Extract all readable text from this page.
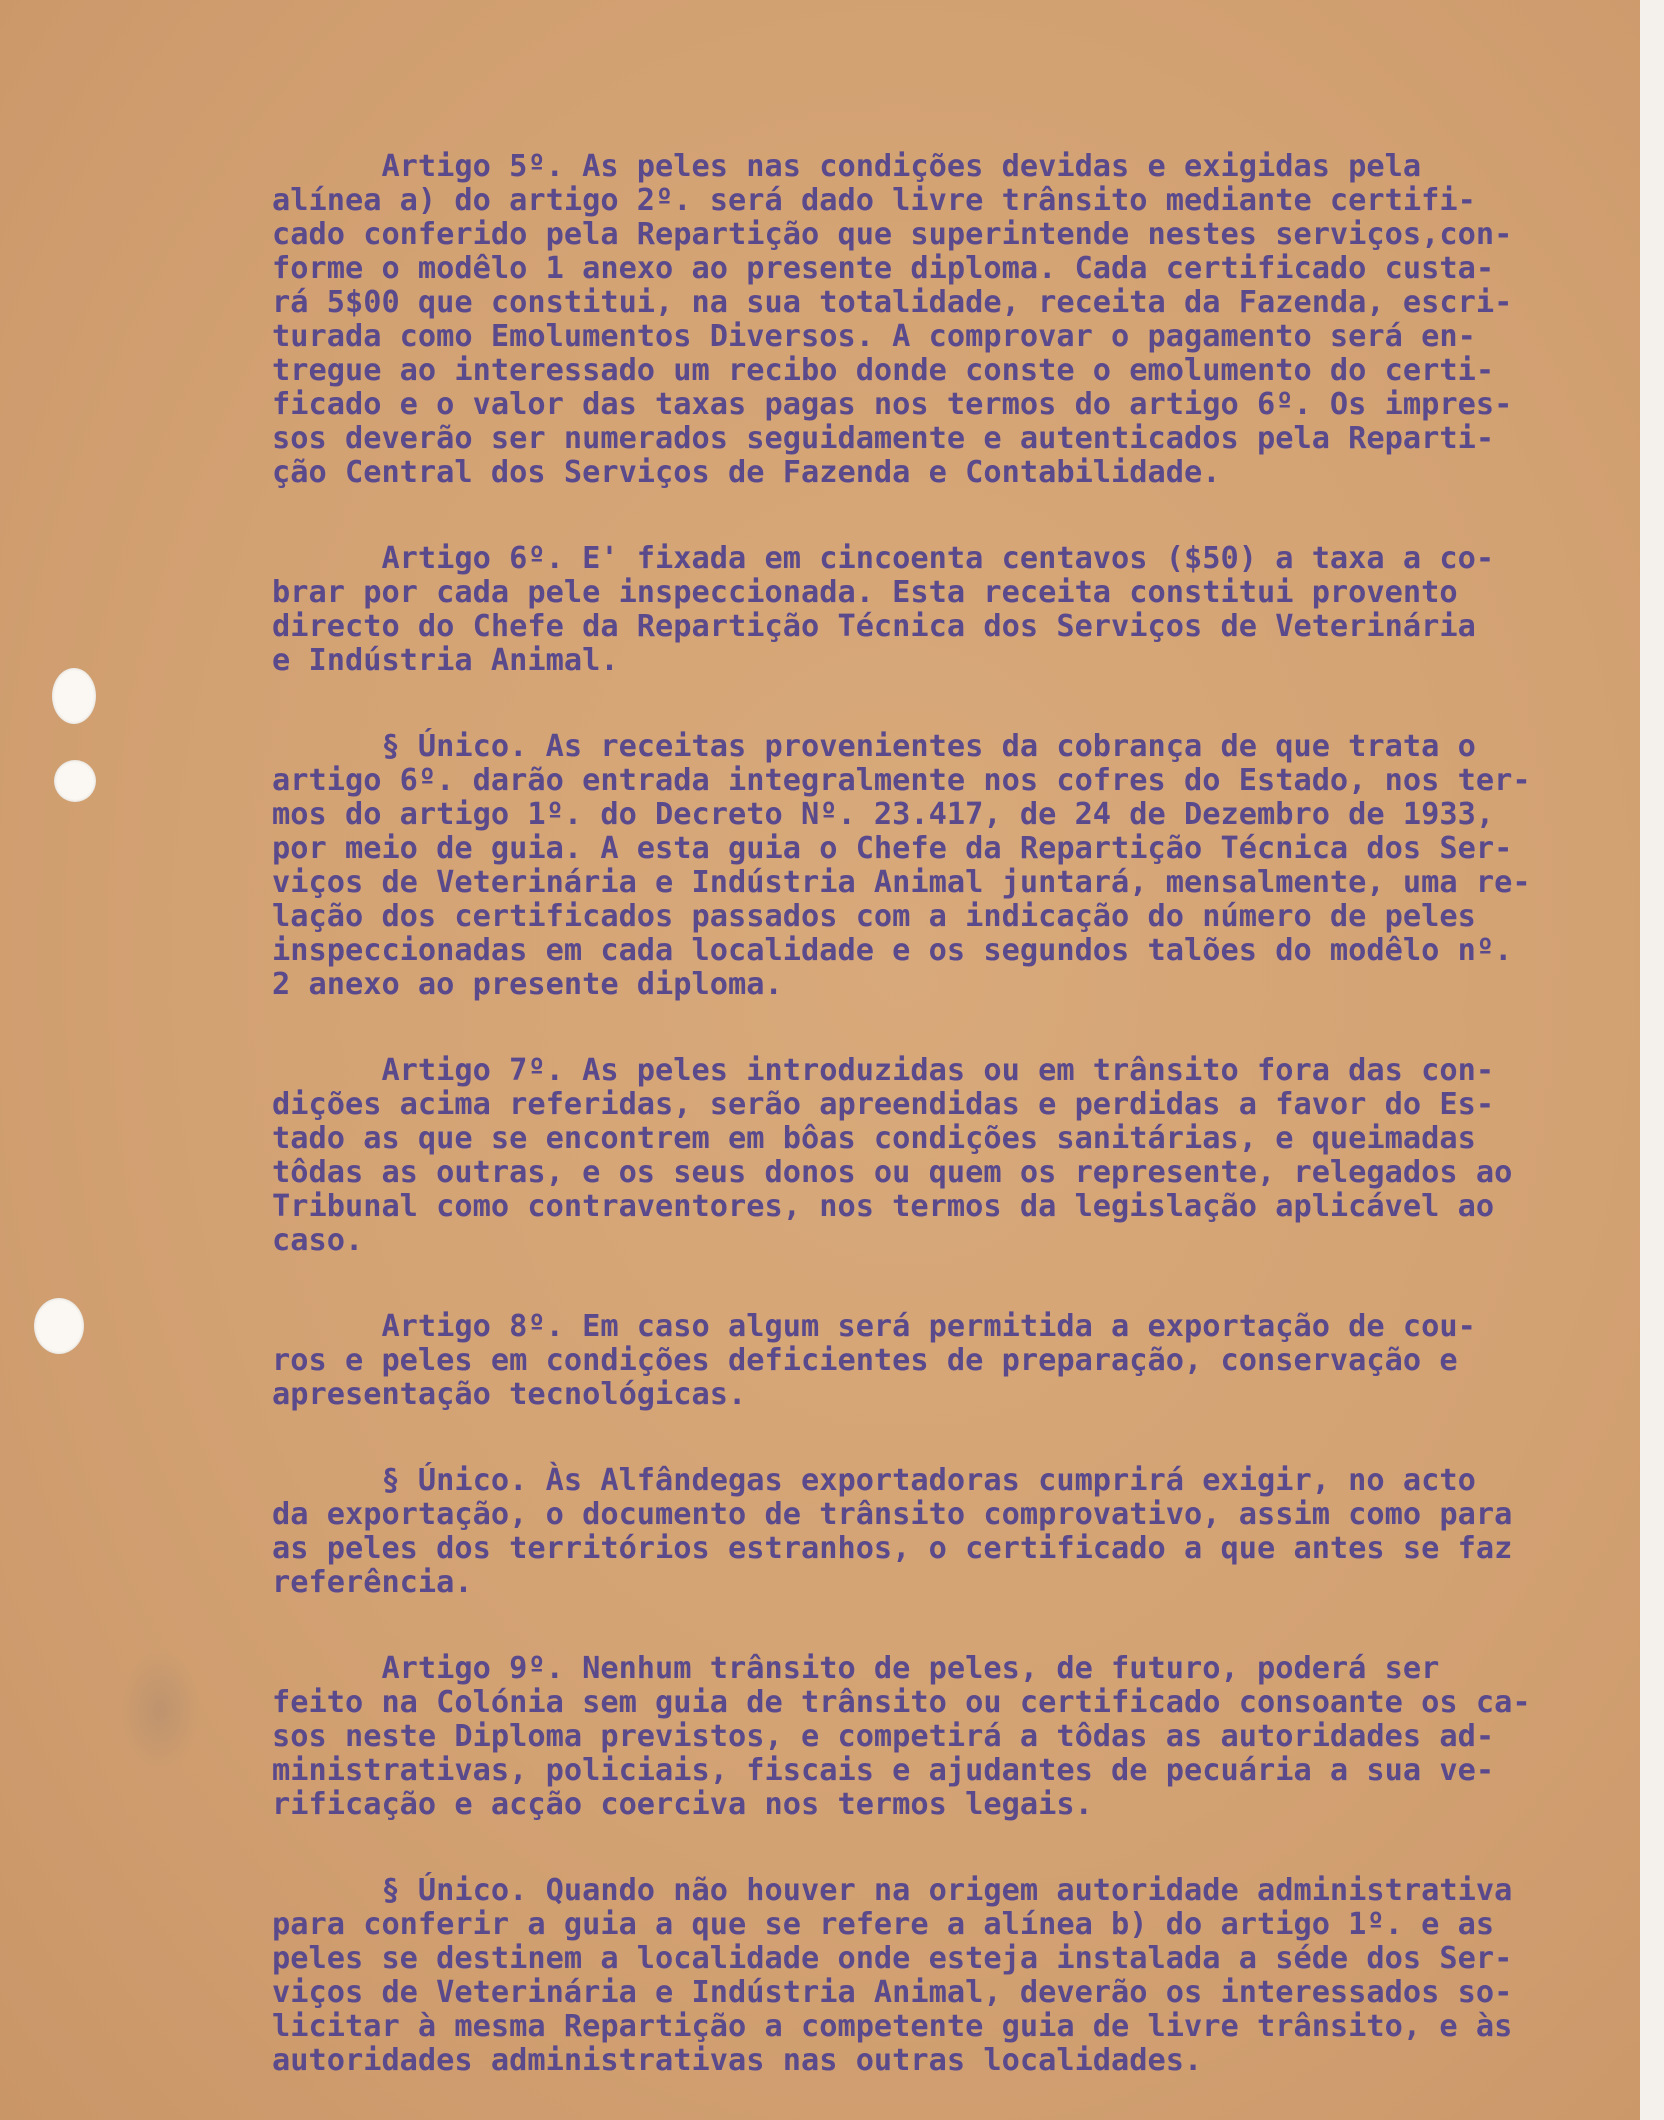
Artigo 5º. As peles nas condições devidas e exigidas pela
alínea a) do artigo 2º. será dado livre trânsito mediante certifi-
cado conferido pela Repartição que superintende nestes serviços,con-
forme o modêlo 1 anexo ao presente diploma. Cada certificado custa-
rá 5$00 que constitui, na sua totalidade, receita da Fazenda, escri-
turada como Emolumentos Diversos. A comprovar o pagamento será en-
tregue ao interessado um recibo donde conste o emolumento do certi-
ficado e o valor das taxas pagas nos termos do artigo 6º. Os impres-
sos deverão ser numerados seguidamente e autenticados pela Reparti-
ção Central dos Serviços de Fazenda e Contabilidade.
Artigo 6º. E' fixada em cincoenta centavos ($50) a taxa a co-
brar por cada pele inspeccionada. Esta receita constitui provento
directo do Chefe da Repartição Técnica dos Serviços de Veterinária
e Indústria Animal.
§ Único. As receitas provenientes da cobrança de que trata o
artigo 6º. darão entrada integralmente nos cofres do Estado, nos ter-
mos do artigo 1º. do Decreto Nº. 23.417, de 24 de Dezembro de 1933,
por meio de guia. A esta guia o Chefe da Repartição Técnica dos Ser-
viços de Veterinária e Indústria Animal juntará, mensalmente, uma re-
lação dos certificados passados com a indicação do número de peles
inspeccionadas em cada localidade e os segundos talões do modêlo nº.
2 anexo ao presente diploma.
Artigo 7º. As peles introduzidas ou em trânsito fora das con-
dições acima referidas, serão apreendidas e perdidas a favor do Es-
tado as que se encontrem em bôas condições sanitárias, e queimadas
tôdas as outras, e os seus donos ou quem os represente, relegados ao
Tribunal como contraventores, nos termos da legislação aplicável ao
caso.
Artigo 8º. Em caso algum será permitida a exportação de cou-
ros e peles em condições deficientes de preparação, conservação e
apresentação tecnológicas.
§ Único. Às Alfândegas exportadoras cumprirá exigir, no acto
da exportação, o documento de trânsito comprovativo, assim como para
as peles dos territórios estranhos, o certificado a que antes se faz
referência.
Artigo 9º. Nenhum trânsito de peles, de futuro, poderá ser
feito na Colónia sem guia de trânsito ou certificado consoante os ca-
sos neste Diploma previstos, e competirá a tôdas as autoridades ad-
ministrativas, policiais, fiscais e ajudantes de pecuária a sua ve-
rificação e acção coerciva nos termos legais.
§ Único. Quando não houver na origem autoridade administrativa
para conferir a guia a que se refere a alínea b) do artigo 1º. e as
peles se destinem a localidade onde esteja instalada a séde dos Ser-
viços de Veterinária e Indústria Animal, deverão os interessados so-
licitar à mesma Repartição a competente guia de livre trânsito, e às
autoridades administrativas nas outras localidades.
